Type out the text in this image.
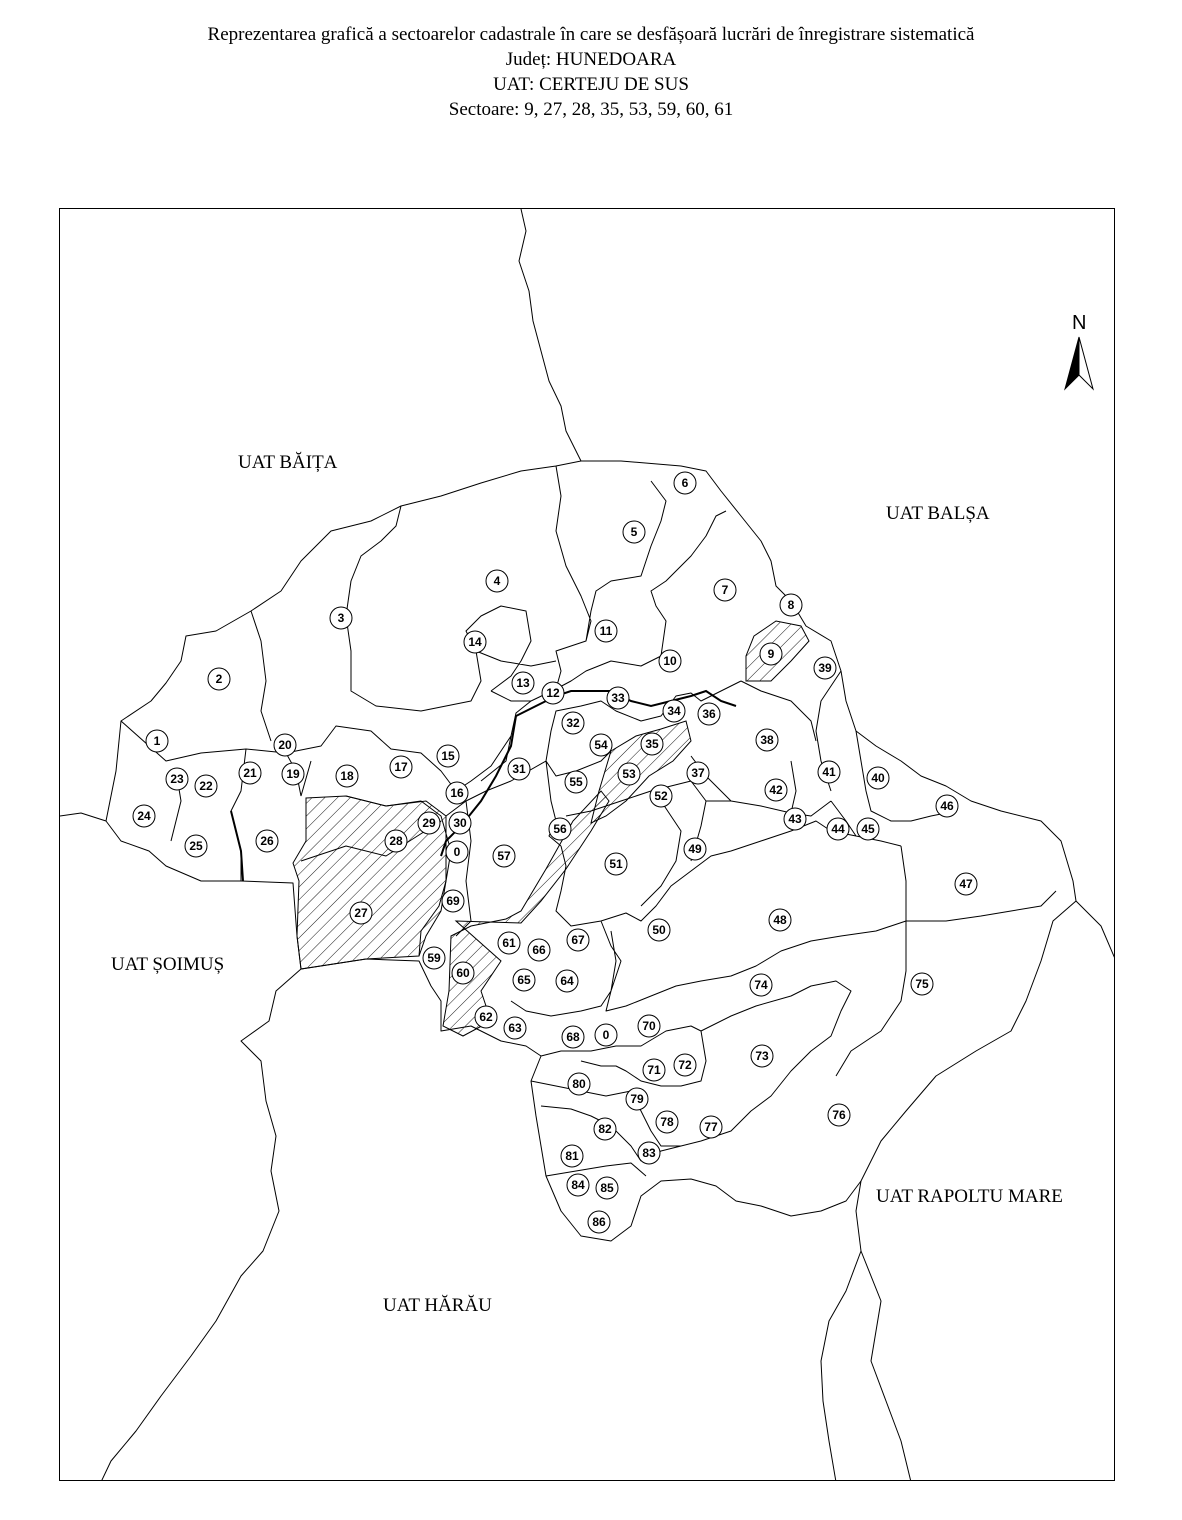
Reprezentarea grafică a sectoarelor cadastrale în care se desfășoară lucrări de înregistrare sistematică
Județ: HUNEDOARA
UAT: CERTEJU DE SUS
Sectoare: 9, 27, 28, 35, 53, 59, 60, 61
UAT BĂIȚA
UAT BALȘA
UAT ȘOIMUȘ
UAT RAPOLTU MARE
UAT HĂRĂU
N
1
2
3
4
5
6
7
8
9
10
11
12
13
14
15
16
17
18
19
20
21
22
23
24
25	26
27
28
29 30
0
31
32
33
34
35
36
37
38
39
40
41
42
43
44 45
46
47
48
49
50
51
52
53
54
55
56
57
59
60
61
62
63
64
65
66
67
68 0
69
70
71 72
73
74	75
76
77
78
79
80
81
82
83
84 85
86
